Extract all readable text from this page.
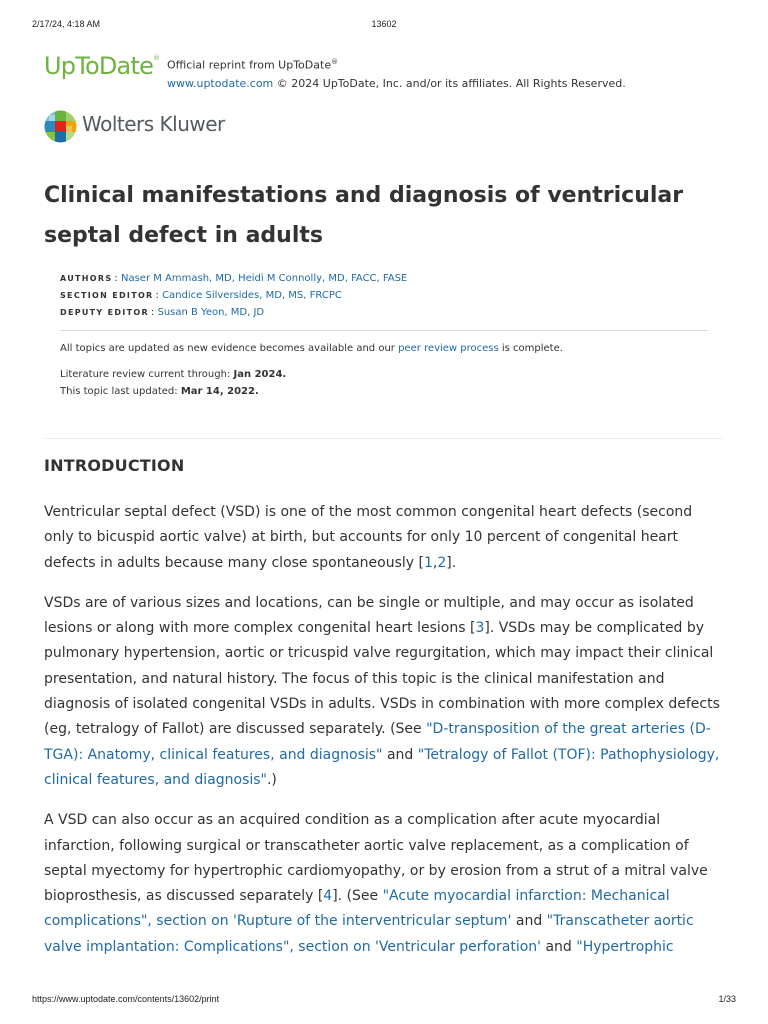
2/17/24, 4:18 AM	13602
UpToDate®
Official reprint from UpToDate®
www.uptodate.com © 2024 UpToDate, Inc. and/or its affiliates. All Rights Reserved.
Wolters Kluwer
Clinical manifestations and diagnosis of ventricular septal defect in adults
AUTHORS : Naser M Ammash, MD, Heidi M Connolly, MD, FACC, FASE
SECTION EDITOR : Candice Silversides, MD, MS, FRCPC
DEPUTY EDITOR : Susan B Yeon, MD, JD
All topics are updated as new evidence becomes available and our peer review process is complete.
Literature review current through: Jan 2024.
This topic last updated: Mar 14, 2022.
INTRODUCTION

Ventricular septal defect (VSD) is one of the most common congenital heart defects (second only to bicuspid aortic valve) at birth, but accounts for only 10 percent of congenital heart defects in adults because many close spontaneously [1,2].

VSDs are of various sizes and locations, can be single or multiple, and may occur as isolated lesions or along with more complex congenital heart lesions [3]. VSDs may be complicated by pulmonary hypertension, aortic or tricuspid valve regurgitation, which may impact their clinical presentation, and natural history. The focus of this topic is the clinical manifestation and diagnosis of isolated congenital VSDs in adults. VSDs in combination with more complex defects (eg, tetralogy of Fallot) are discussed separately. (See "D-transposition of the great arteries (D-TGA): Anatomy, clinical features, and diagnosis" and "Tetralogy of Fallot (TOF): Pathophysiology, clinical features, and diagnosis".)

A VSD can also occur as an acquired condition as a complication after acute myocardial infarction, following surgical or transcatheter aortic valve replacement, as a complication of septal myectomy for hypertrophic cardiomyopathy, or by erosion from a strut of a mitral valve bioprosthesis, as discussed separately [4]. (See "Acute myocardial infarction: Mechanical complications", section on 'Rupture of the interventricular septum' and "Transcatheter aortic valve implantation: Complications", section on 'Ventricular perforation' and "Hypertrophic

https://www.uptodate.com/contents/13602/print	1/33
